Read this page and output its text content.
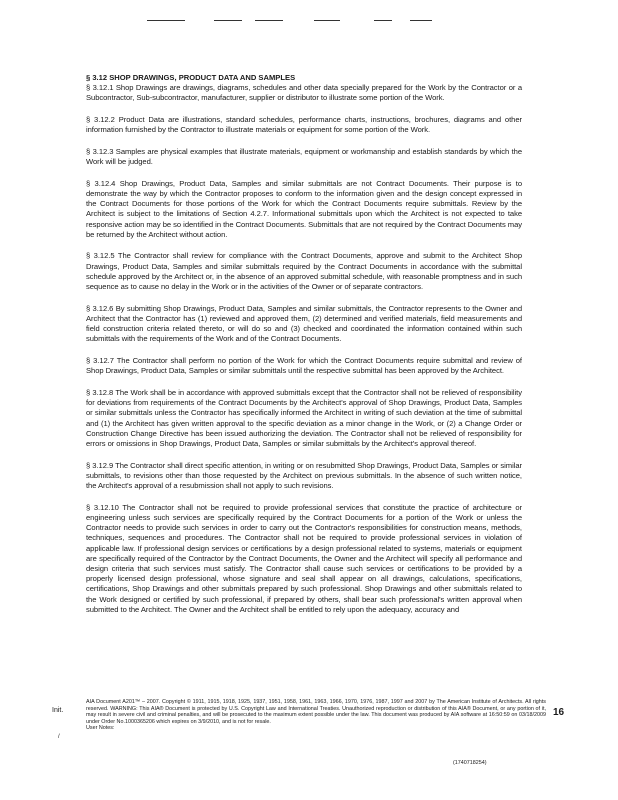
§ 3.12 SHOP DRAWINGS, PRODUCT DATA AND SAMPLES

§ 3.12.1 Shop Drawings are drawings, diagrams, schedules and other data specially prepared for the Work by the Contractor or a Subcontractor, Sub-subcontractor, manufacturer, supplier or distributor to illustrate some portion of the Work.

§ 3.12.2 Product Data are illustrations, standard schedules, performance charts, instructions, brochures, diagrams and other information furnished by the Contractor to illustrate materials or equipment for some portion of the Work.

§ 3.12.3 Samples are physical examples that illustrate materials, equipment or workmanship and establish standards by which the Work will be judged.

§ 3.12.4 Shop Drawings, Product Data, Samples and similar submittals are not Contract Documents. Their purpose is to demonstrate the way by which the Contractor proposes to conform to the information given and the design concept expressed in the Contract Documents for those portions of the Work for which the Contract Documents require submittals. Review by the Architect is subject to the limitations of Section 4.2.7. Informational submittals upon which the Architect is not expected to take responsive action may be so identified in the Contract Documents. Submittals that are not required by the Contract Documents may be returned by the Architect without action.

§ 3.12.5 The Contractor shall review for compliance with the Contract Documents, approve and submit to the Architect Shop Drawings, Product Data, Samples and similar submittals required by the Contract Documents in accordance with the submittal schedule approved by the Architect or, in the absence of an approved submittal schedule, with reasonable promptness and in such sequence as to cause no delay in the Work or in the activities of the Owner or of separate contractors.

§ 3.12.6 By submitting Shop Drawings, Product Data, Samples and similar submittals, the Contractor represents to the Owner and Architect that the Contractor has (1) reviewed and approved them, (2) determined and verified materials, field measurements and field construction criteria related thereto, or will do so and (3) checked and coordinated the information contained within such submittals with the requirements of the Work and of the Contract Documents.

§ 3.12.7 The Contractor shall perform no portion of the Work for which the Contract Documents require submittal and review of Shop Drawings, Product Data, Samples or similar submittals until the respective submittal has been approved by the Architect.

§ 3.12.8 The Work shall be in accordance with approved submittals except that the Contractor shall not be relieved of responsibility for deviations from requirements of the Contract Documents by the Architect's approval of Shop Drawings, Product Data, Samples or similar submittals unless the Contractor has specifically informed the Architect in writing of such deviation at the time of submittal and (1) the Architect has given written approval to the specific deviation as a minor change in the Work, or (2) a Change Order or Construction Change Directive has been issued authorizing the deviation. The Contractor shall not be relieved of responsibility for errors or omissions in Shop Drawings, Product Data, Samples or similar submittals by the Architect's approval thereof.

§ 3.12.9 The Contractor shall direct specific attention, in writing or on resubmitted Shop Drawings, Product Data, Samples or similar submittals, to revisions other than those requested by the Architect on previous submittals. In the absence of such written notice, the Architect's approval of a resubmission shall not apply to such revisions.

§ 3.12.10 The Contractor shall not be required to provide professional services that constitute the practice of architecture or engineering unless such services are specifically required by the Contract Documents for a portion of the Work or unless the Contractor needs to provide such services in order to carry out the Contractor's responsibilities for construction means, methods, techniques, sequences and procedures. The Contractor shall not be required to provide professional services in violation of applicable law. If professional design services or certifications by a design professional related to systems, materials or equipment are specifically required of the Contractor by the Contract Documents, the Owner and the Architect will specify all performance and design criteria that such services must satisfy. The Contractor shall cause such services or certifications to be provided by a properly licensed design professional, whose signature and seal shall appear on all drawings, calculations, specifications, certifications, Shop Drawings and other submittals prepared by such professional. Shop Drawings and other submittals related to the Work designed or certified by such professional, if prepared by others, shall bear such professional's written approval when submitted to the Architect. The Owner and the Architect shall be entitled to rely upon the adequacy, accuracy and

Init.
/

AIA Document A201™ – 2007. Copyright © 1911, 1915, 1918, 1925, 1937, 1951, 1958, 1961, 1963, 1966, 1970, 1976, 1987, 1997 and 2007 by The American Institute of Architects. All rights reserved. WARNING: This AIA® Document is protected by U.S. Copyright Law and International Treaties. Unauthorized reproduction or distribution of this AIA® Document, or any portion of it, may result in severe civil and criminal penalties, and will be prosecuted to the maximum extent possible under the law. This document was produced by AIA software at 16:50:59 on 03/18/2009 under Order No.1000365206 which expires on 3/9/2010, and is not for resale.

User Notes:

16
(1740718254)
